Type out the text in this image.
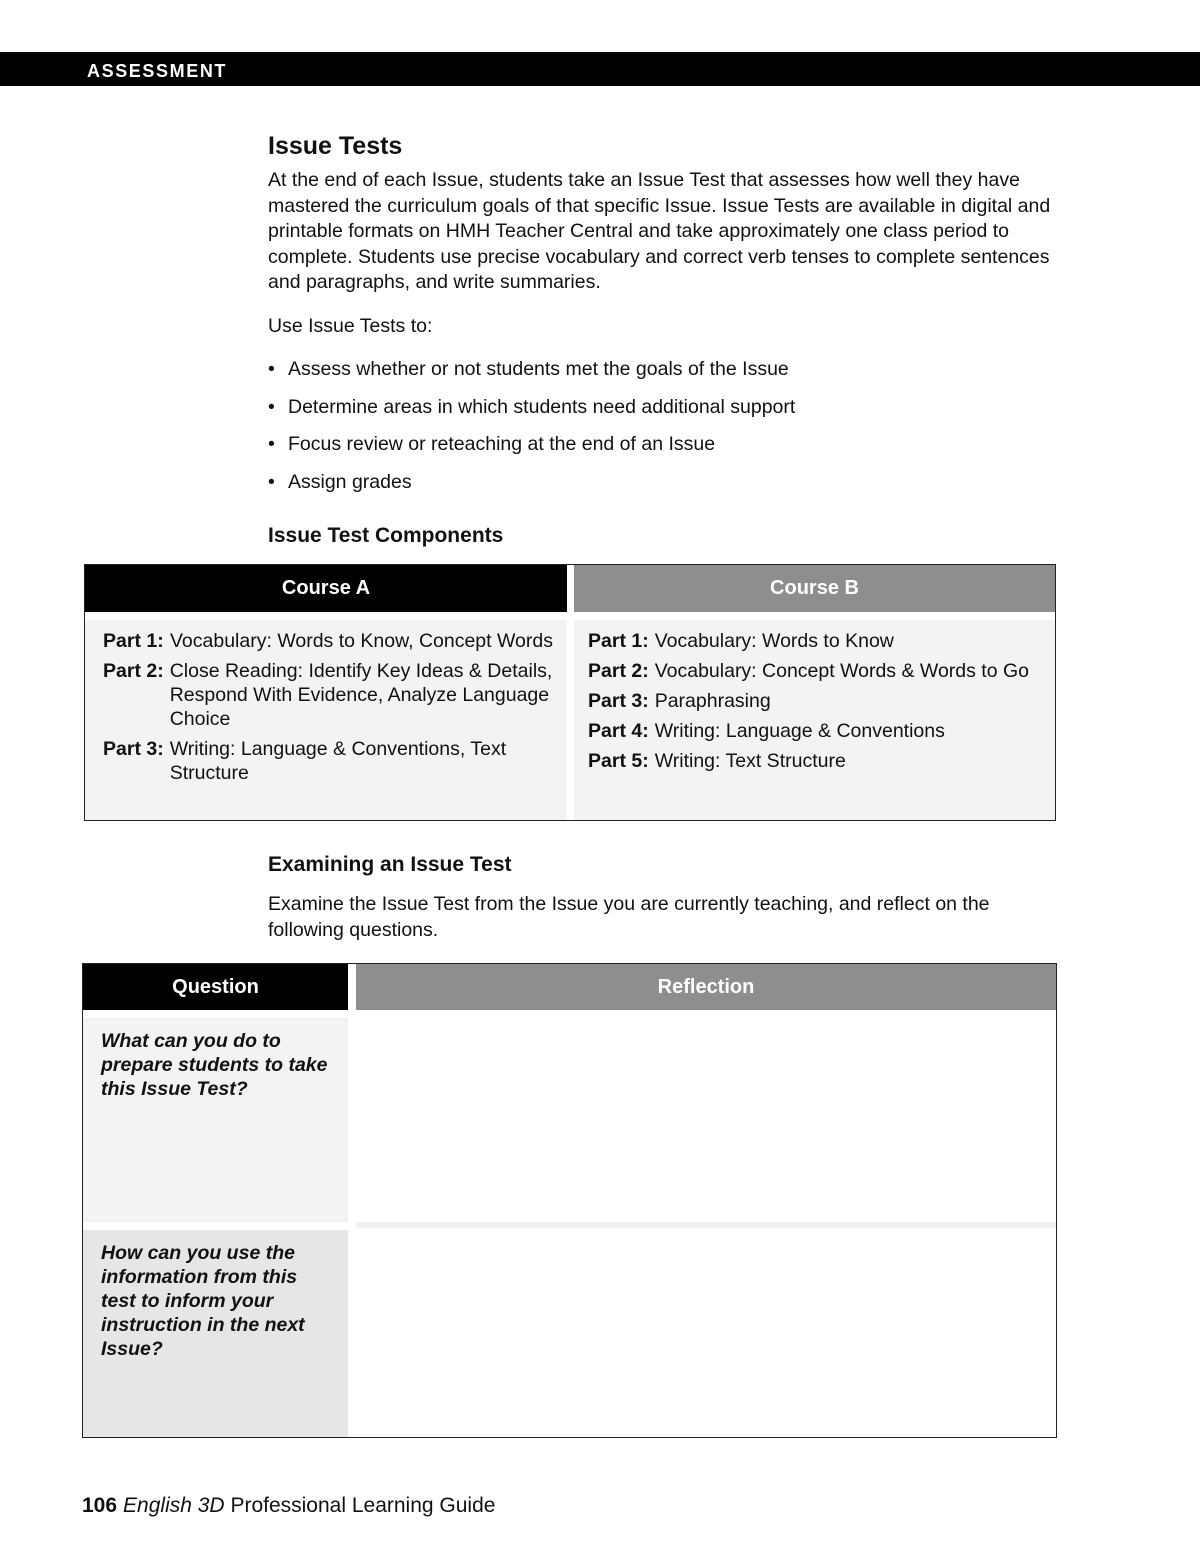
ASSESSMENT
Issue Tests

At the end of each Issue, students take an Issue Test that assesses how well they have mastered the curriculum goals of that specific Issue. Issue Tests are available in digital and printable formats on HMH Teacher Central and take approximately one class period to complete. Students use precise vocabulary and correct verb tenses to complete sentences and paragraphs, and write summaries.

Use Issue Tests to:

• Assess whether or not students met the goals of the Issue
• Determine areas in which students need additional support
• Focus review or reteaching at the end of an Issue
• Assign grades
Issue Test Components
Course A	Course B
Part 1: Vocabulary: Words to Know, Concept Words
Part 2: Close Reading: Identify Key Ideas & Details, Respond With Evidence, Analyze Language Choice
Part 3: Writing: Language & Conventions, Text Structure
Part 1: Vocabulary: Words to Know
Part 2: Vocabulary: Concept Words & Words to Go
Part 3: Paraphrasing
Part 4: Writing: Language & Conventions
Part 5: Writing: Text Structure
Examining an Issue Test

Examine the Issue Test from the Issue you are currently teaching, and reflect on the following questions.

Question	Reflection
What can you do to prepare students to take this Issue Test?
How can you use the information from this test to inform your instruction in the next Issue?
106 English 3D Professional Learning Guide
